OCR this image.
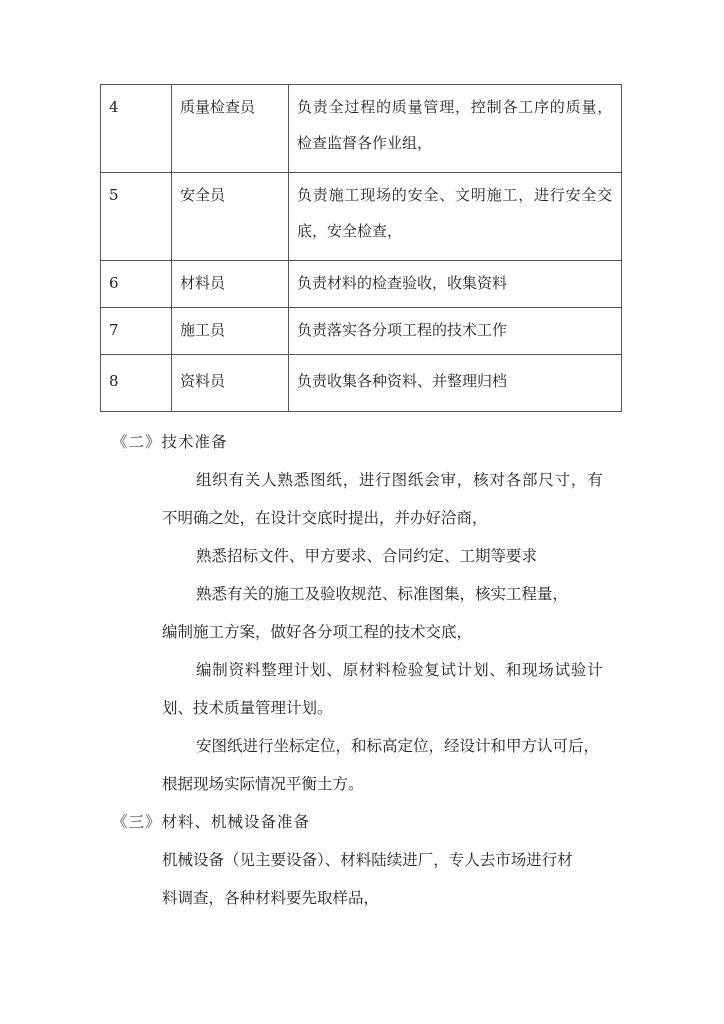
4	质量检查员	负责全过程的质量管理，控制各工序的质量，
检查监督各作业组，

5	安全员	负责施工现场的安全、文明施工，进行安全交
底，安全检查，

6	材料员	负责材料的检查验收，收集资料

7	施工员	负责落实各分项工程的技术工作

8	资料员	负责收集各种资料、并整理归档
《二》技术准备
组织有关人熟悉图纸，进行图纸会审，核对各部尺寸，有
不明确之处，在设计交底时提出，并办好洽商，
熟悉招标文件、甲方要求、合同约定、工期等要求
熟悉有关的施工及验收规范、标准图集，核实工程量，
编制施工方案，做好各分项工程的技术交底，
编制资料整理计划、原材料检验复试计划、和现场试验计
划、技术质量管理计划。
安图纸进行坐标定位，和标高定位，经设计和甲方认可后，
根据现场实际情况平衡土方。
《三》材料、机械设备准备
机械设备（见主要设备）、材料陆续进厂，专人去市场进行材
料调查，各种材料要先取样品，
